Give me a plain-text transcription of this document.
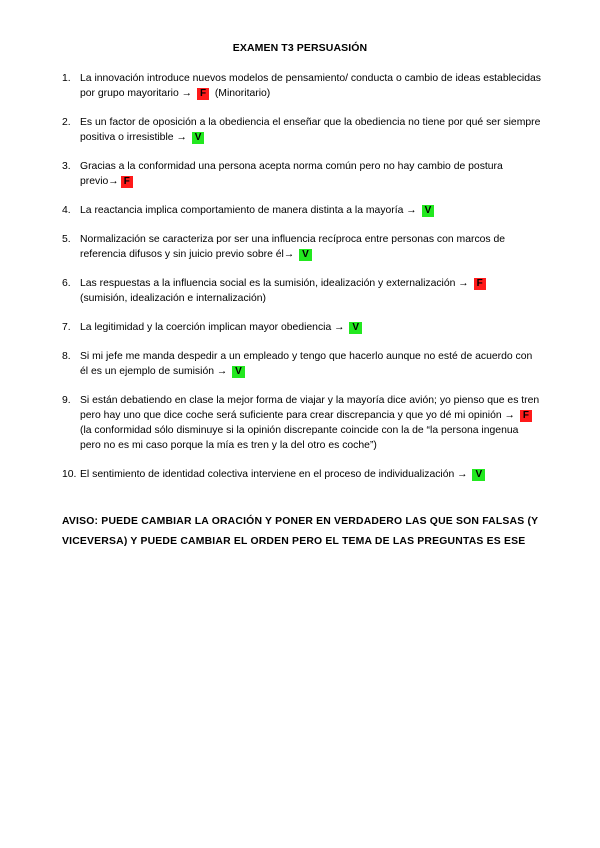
EXAMEN T3 PERSUASIÓN
1. La innovación introduce nuevos modelos de pensamiento/ conducta o cambio de ideas establecidas por grupo mayoritario → F (Minoritario)
2. Es un factor de oposición a la obediencia el enseñar que la obediencia no tiene por qué ser siempre positiva o irresistible → V
3. Gracias a la conformidad una persona acepta norma común pero no hay cambio de postura previo→ F
4. La reactancia implica comportamiento de manera distinta a la mayoría → V
5. Normalización se caracteriza por ser una influencia recíproca entre personas con marcos de referencia difusos y sin juicio previo sobre él→ V
6. Las respuestas a la influencia social es la sumisión, idealización y externalización → F
(sumisión, idealización e internalización)
7. La legitimidad y la coerción implican mayor obediencia → V
8. Si mi jefe me manda despedir a un empleado y tengo que hacerlo aunque no esté de acuerdo con él es un ejemplo de sumisión → V
9. Si están debatiendo en clase la mejor forma de viajar y la mayoría dice avión; yo pienso que es tren pero hay uno que dice coche será suficiente para crear discrepancia y que yo dé mi opinión → F (la conformidad sólo disminuye si la opinión discrepante coincide con la de “la persona ingenua pero no es mi caso porque la mía es tren y la del otro es coche”)
10. El sentimiento de identidad colectiva interviene en el proceso de individualización → V
AVISO: PUEDE CAMBIAR LA ORACIÓN Y PONER EN VERDADERO LAS QUE SON FALSAS (Y VICEVERSA) Y PUEDE CAMBIAR EL ORDEN PERO EL TEMA DE LAS PREGUNTAS ES ESE
